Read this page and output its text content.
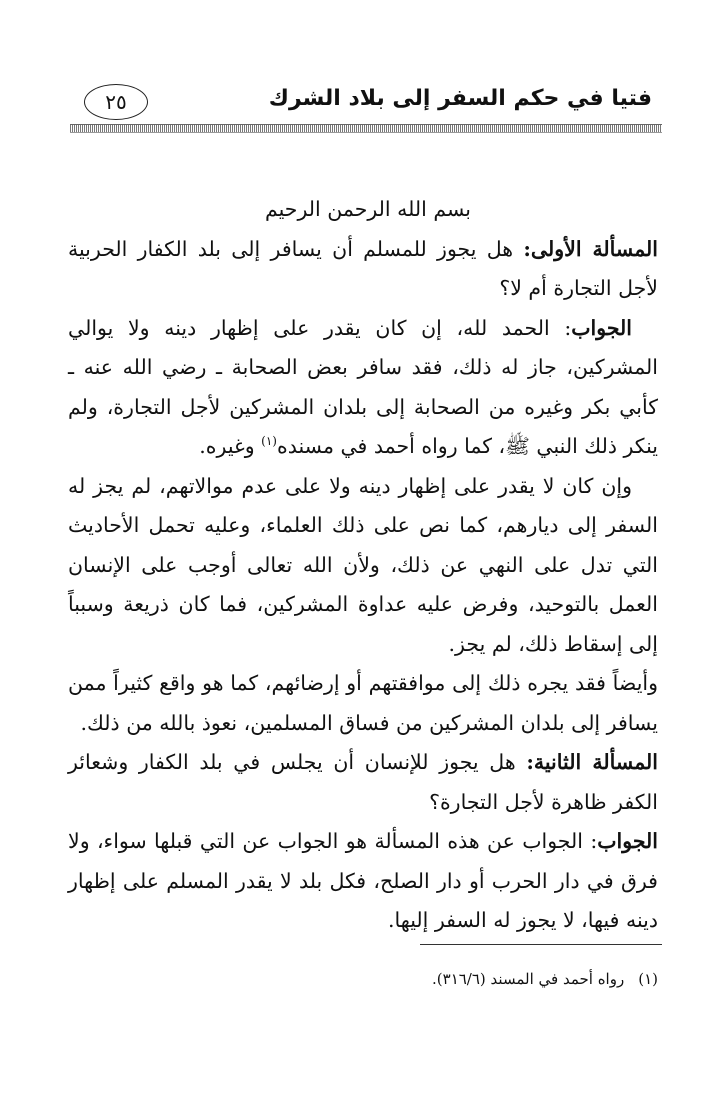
فتيا في حكم السفر إلى بلاد الشرك
٢٥
بسم الله الرحمن الرحيم

المسألة الأولى: هل يجوز للمسلم أن يسافر إلى بلد الكفار الحربية لأجل التجارة أم لا؟

الجواب: الحمد لله، إن كان يقدر على إظهار دينه ولا يوالي المشركين، جاز له ذلك، فقد سافر بعض الصحابة ـ رضي الله عنه ـ كأبي بكر وغيره من الصحابة إلى بلدان المشركين لأجل التجارة، ولم ينكر ذلك النبي ﷺ، كما رواه أحمد في مسنده$^{(١)}$ وغيره.

وإن كان لا يقدر على إظهار دينه ولا على عدم موالاتهم، لم يجز له السفر إلى ديارهم، كما نص على ذلك العلماء، وعليه تحمل الأحاديث التي تدل على النهي عن ذلك، ولأن الله تعالى أوجب على الإنسان العمل بالتوحيد، وفرض عليه عداوة المشركين، فما كان ذريعة وسبباً إلى إسقاط ذلك، لم يجز.

وأيضاً فقد يجره ذلك إلى موافقتهم أو إرضائهم، كما هو واقع كثيراً ممن يسافر إلى بلدان المشركين من فساق المسلمين، نعوذ بالله من ذلك.

المسألة الثانية: هل يجوز للإنسان أن يجلس في بلد الكفار وشعائر الكفر ظاهرة لأجل التجارة؟

الجواب: الجواب عن هذه المسألة هو الجواب عن التي قبلها سواء، ولا فرق في دار الحرب أو دار الصلح، فكل بلد لا يقدر المسلم على إظهار دينه فيها، لا يجوز له السفر إليها.

(١)رواه أحمد في المسند (٣١٦/٦).
